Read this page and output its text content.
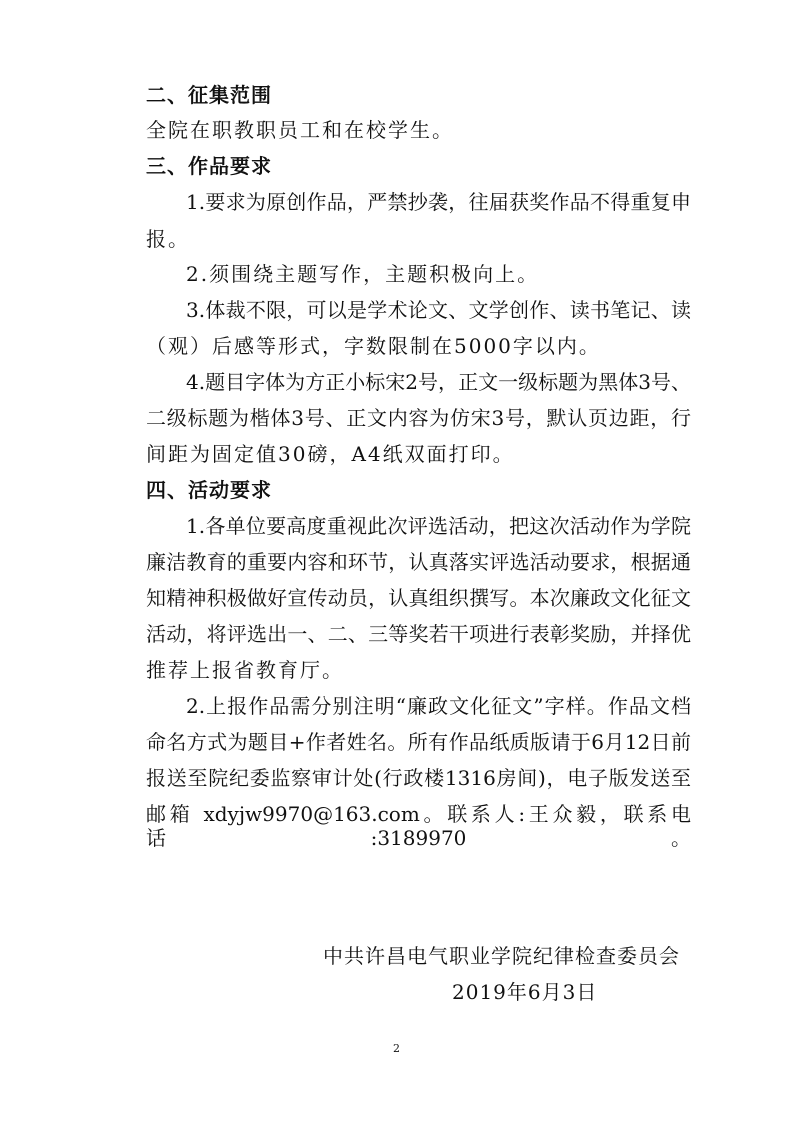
二、征集范围
全院在职教职员工和在校学生。
三、作品要求
1.要求为原创作品，严禁抄袭，往届获奖作品不得重复申
报。
2.须围绕主题写作，主题积极向上。
3.体裁不限，可以是学术论文、文学创作、读书笔记、读
（观）后感等形式，字数限制在5000字以内。
4.题目字体为方正小标宋2号，正文一级标题为黑体3号、
二级标题为楷体3号、正文内容为仿宋3号，默认页边距，行
间距为固定值30磅，A4纸双面打印。
四、活动要求
1.各单位要高度重视此次评选活动，把这次活动作为学院
廉洁教育的重要内容和环节，认真落实评选活动要求，根据通
知精神积极做好宣传动员，认真组织撰写。本次廉政文化征文
活动，将评选出一、二、三等奖若干项进行表彰奖励，并择优
推荐上报省教育厅。
2.上报作品需分别注明“廉政文化征文”字样。作品文档
命名方式为题目+作者姓名。所有作品纸质版请于6月12日前
报送至院纪委监察审计处(行政楼1316房间)，电子版发送至
邮箱 xdyjw9970@163.com。联系人:王众毅，联系电话:3189970。
中共许昌电气职业学院纪律检查委员会
2019年6月3日
2
